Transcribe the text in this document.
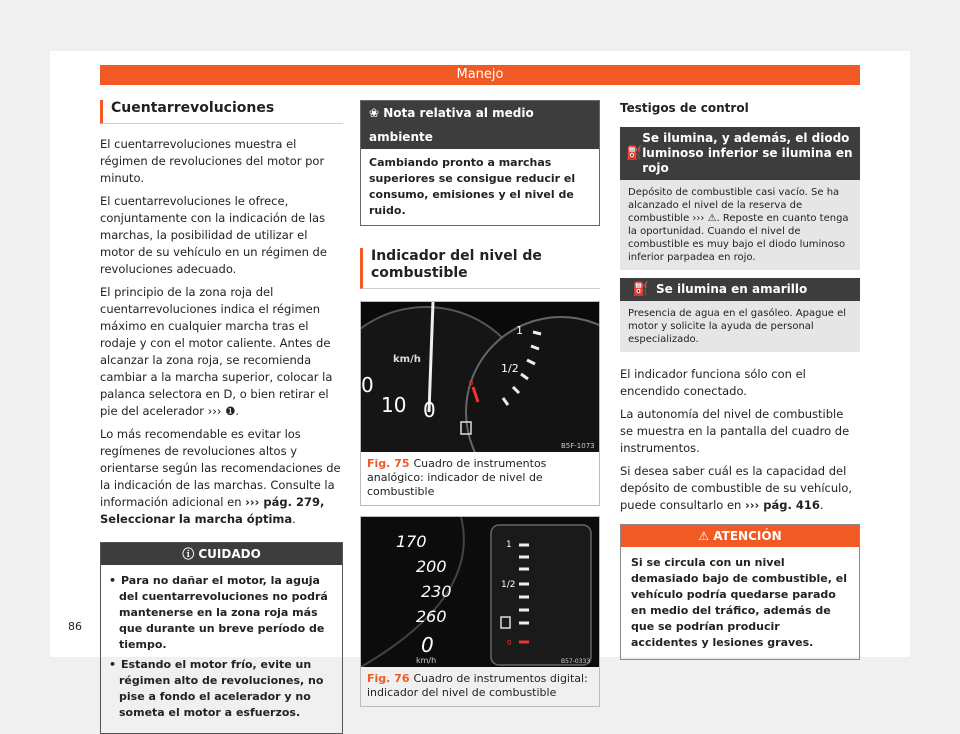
Manejo
Cuentarrevoluciones

El cuentarrevoluciones muestra el régimen de revoluciones del motor por minuto.

El cuentarrevoluciones le ofrece, conjuntamente con la indicación de las marchas, la posibilidad de utilizar el motor de su vehículo en un régimen de revoluciones adecuado.

El principio de la zona roja del cuentarrevoluciones indica el régimen máximo en cualquier marcha tras el rodaje y con el motor caliente. Antes de alcanzar la zona roja, se recomienda cambiar a la marcha superior, colocar la palanca selectora en D, o bien retirar el pie del acelerador ››› ❶.

Lo más recomendable es evitar los regímenes de revoluciones altos y orientarse según las recomendaciones de la indicación de las marchas. Consulte la información adicional en ››› pág. 279, Seleccionar la marcha óptima.

ⓘ CUIDADO
• Para no dañar el motor, la aguja del cuentarrevoluciones no podrá mantenerse en la zona roja más que durante un breve período de tiempo.
• Estando el motor frío, evite un régimen alto de revoluciones, no pise a fondo el acelerador y no someta el motor a esfuerzos.
❀ Nota relativa al medio ambiente
Cambiando pronto a marchas superiores se consigue reducir el consumo, emisiones y el nivel de ruido.
Indicador del nivel de combustible
km/h
10 0
0
1
1/2
0
B5F-1073
Fig. 75 Cuadro de instrumentos analógico: indicador de nivel de combustible
170
200
230
260
0
km/h
1
1/2
0
B57-0333
Fig. 76 Cuadro de instrumentos digital: indicador del nivel de combustible
Testigos de control
⛽
Se ilumina, y además, el diodo luminoso inferior se ilumina en rojo
Depósito de combustible casi vacío. Se ha alcanzado el nivel de la reserva de combustible ››› ⚠. Reposte en cuanto tenga la oportunidad. Cuando el nivel de combustible es muy bajo el diodo luminoso inferior parpadea en rojo.
⛽ Se ilumina en amarillo
Presencia de agua en el gasóleo. Apague el motor y solicite la ayuda de personal especializado.

El indicador funciona sólo con el encendido conectado.

La autonomía del nivel de combustible se muestra en la pantalla del cuadro de instrumentos.

Si desea saber cuál es la capacidad del depósito de combustible de su vehículo, puede consultarlo en ››› pág. 416.

⚠ ATENCIÓN
Si se circula con un nivel demasiado bajo de combustible, el vehículo podría quedarse parado en medio del tráfico, además de que se podrían producir accidentes y lesiones graves.
86
